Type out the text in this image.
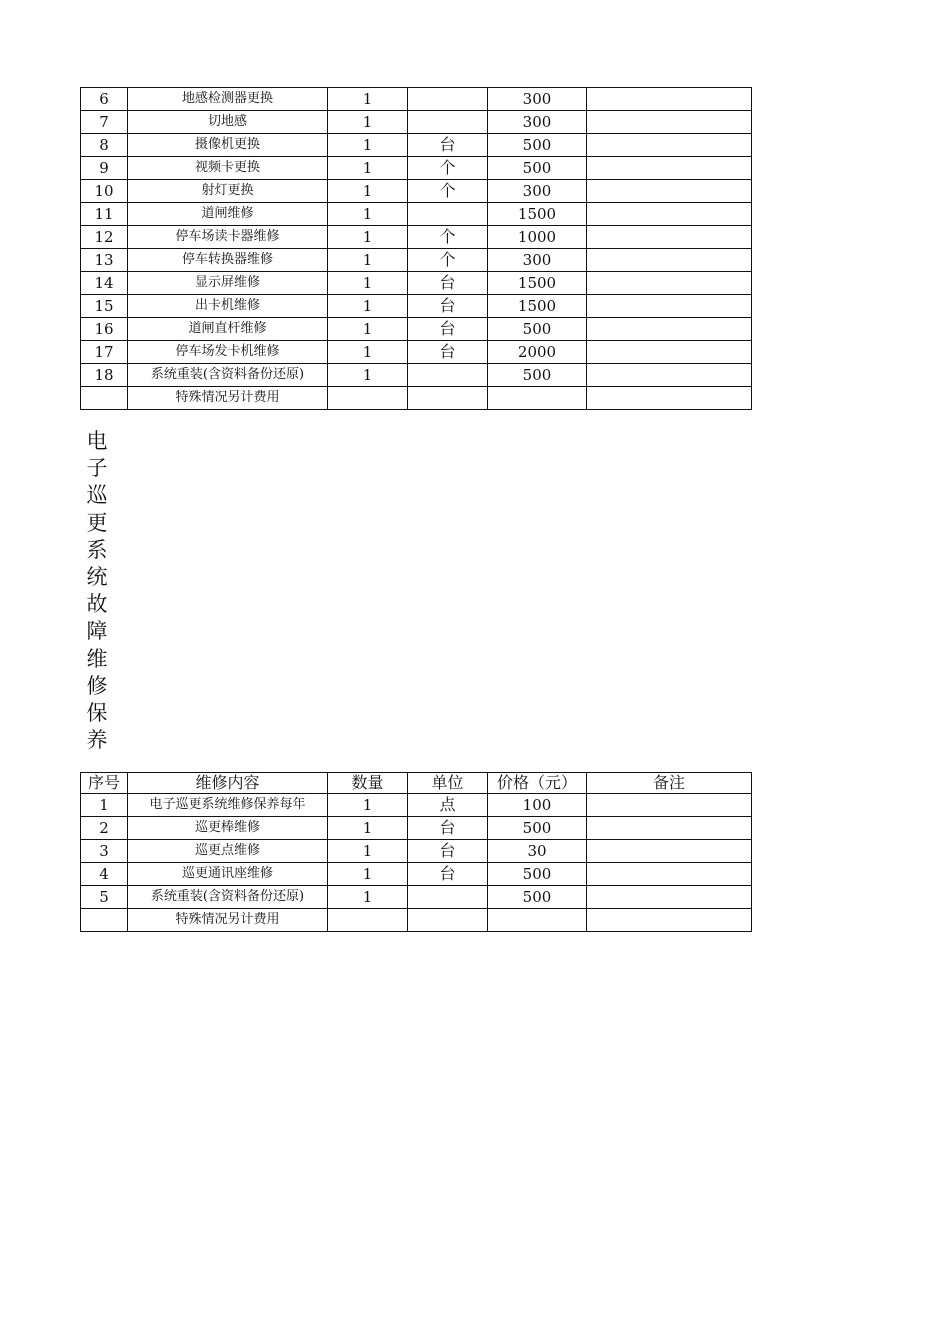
6	地感检测器更换	1		300	
7	切地感	1		300	
8	摄像机更换	1	台	500	
9	视频卡更换	1	个	500	
10	射灯更换	1	个	300	
11	道闸维修	1		1500	
12	停车场读卡器维修	1	个	1000	
13	停车转换器维修	1	个	300	
14	显示屏维修	1	台	1500	
15	出卡机维修	1	台	1500	
16	道闸直杆维修	1	台	500	
17	停车场发卡机维修	1	台	2000	
18	系统重装(含资料备份还原)	1		500	
	特殊情况另计费用				
电
子
巡
更
系
统
故
障
维
修
保
养
序号	维修内容	数量	单位	价格（元）	备注
1	电子巡更系统维修保养每年	1	点	100	
2	巡更棒维修	1	台	500	
3	巡更点维修	1	台	30	
4	巡更通讯座维修	1	台	500	
5	系统重装(含资料备份还原)	1		500	
	特殊情况另计费用				
